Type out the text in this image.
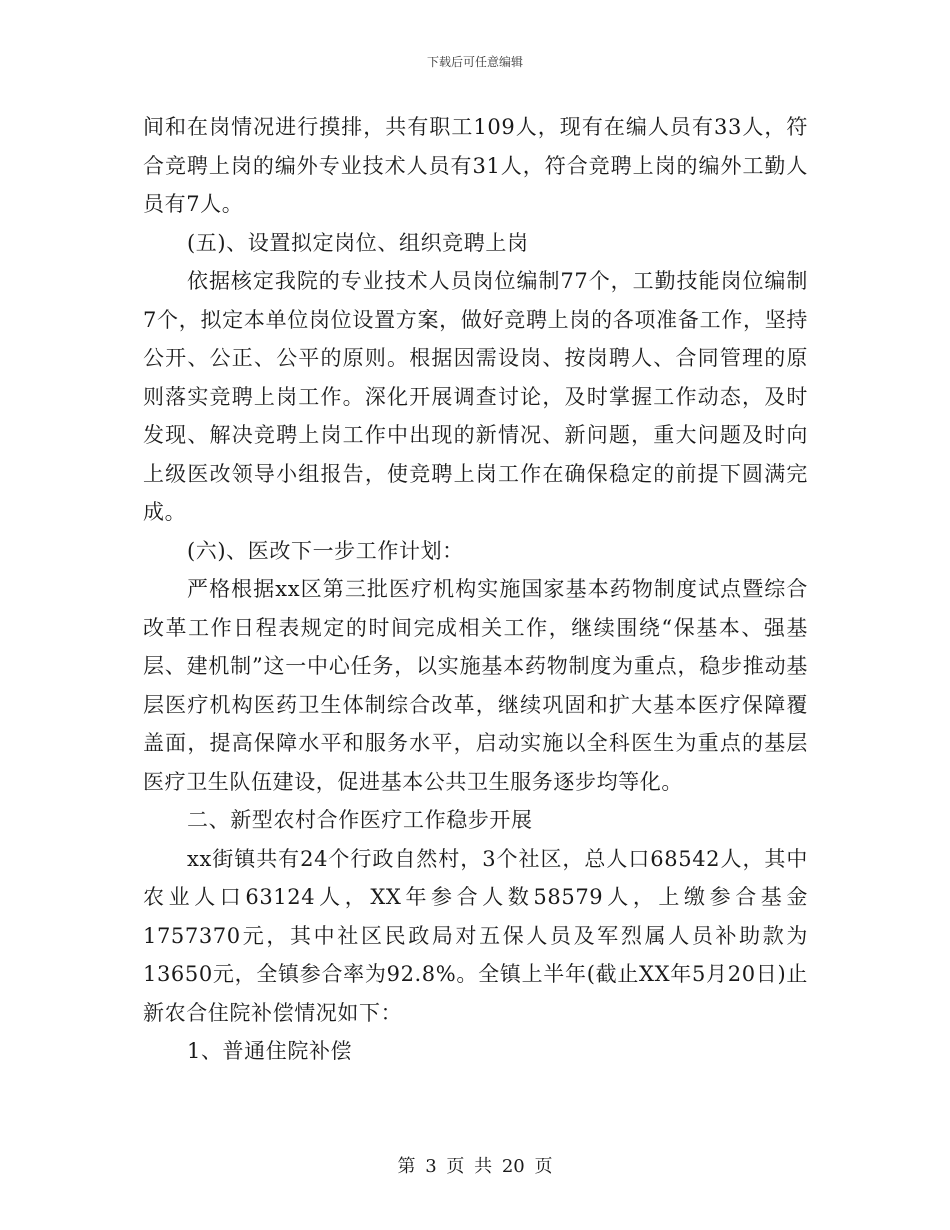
下载后可任意编辑

间和在岗情况进行摸排，共有职工109人，现有在编人员有33人，符合竞聘上岗的编外专业技术人员有31人，符合竞聘上岗的编外工勤人员有7人。

(五)、设置拟定岗位、组织竞聘上岗

依据核定我院的专业技术人员岗位编制77个，工勤技能岗位编制7个，拟定本单位岗位设置方案，做好竞聘上岗的各项准备工作，坚持公开、公正、公平的原则。根据因需设岗、按岗聘人、合同管理的原则落实竞聘上岗工作。深化开展调查讨论，及时掌握工作动态，及时发现、解决竞聘上岗工作中出现的新情况、新问题，重大问题及时向上级医改领导小组报告，使竞聘上岗工作在确保稳定的前提下圆满完成。

(六)、医改下一步工作计划：

严格根据xx区第三批医疗机构实施国家基本药物制度试点暨综合改革工作日程表规定的时间完成相关工作，继续围绕“保基本、强基层、建机制”这一中心任务，以实施基本药物制度为重点，稳步推动基层医疗机构医药卫生体制综合改革，继续巩固和扩大基本医疗保障覆盖面，提高保障水平和服务水平，启动实施以全科医生为重点的基层医疗卫生队伍建设，促进基本公共卫生服务逐步均等化。

二、新型农村合作医疗工作稳步开展

xx街镇共有24个行政自然村，3个社区，总人口68542人，其中农业人口63124人，XX年参合人数58579人，上缴参合基金1757370元，其中社区民政局对五保人员及军烈属人员补助款为13650元，全镇参合率为92.8%。全镇上半年(截止XX年5月20日)止新农合住院补偿情况如下：

1、普通住院补偿

第 3 页 共 20 页
